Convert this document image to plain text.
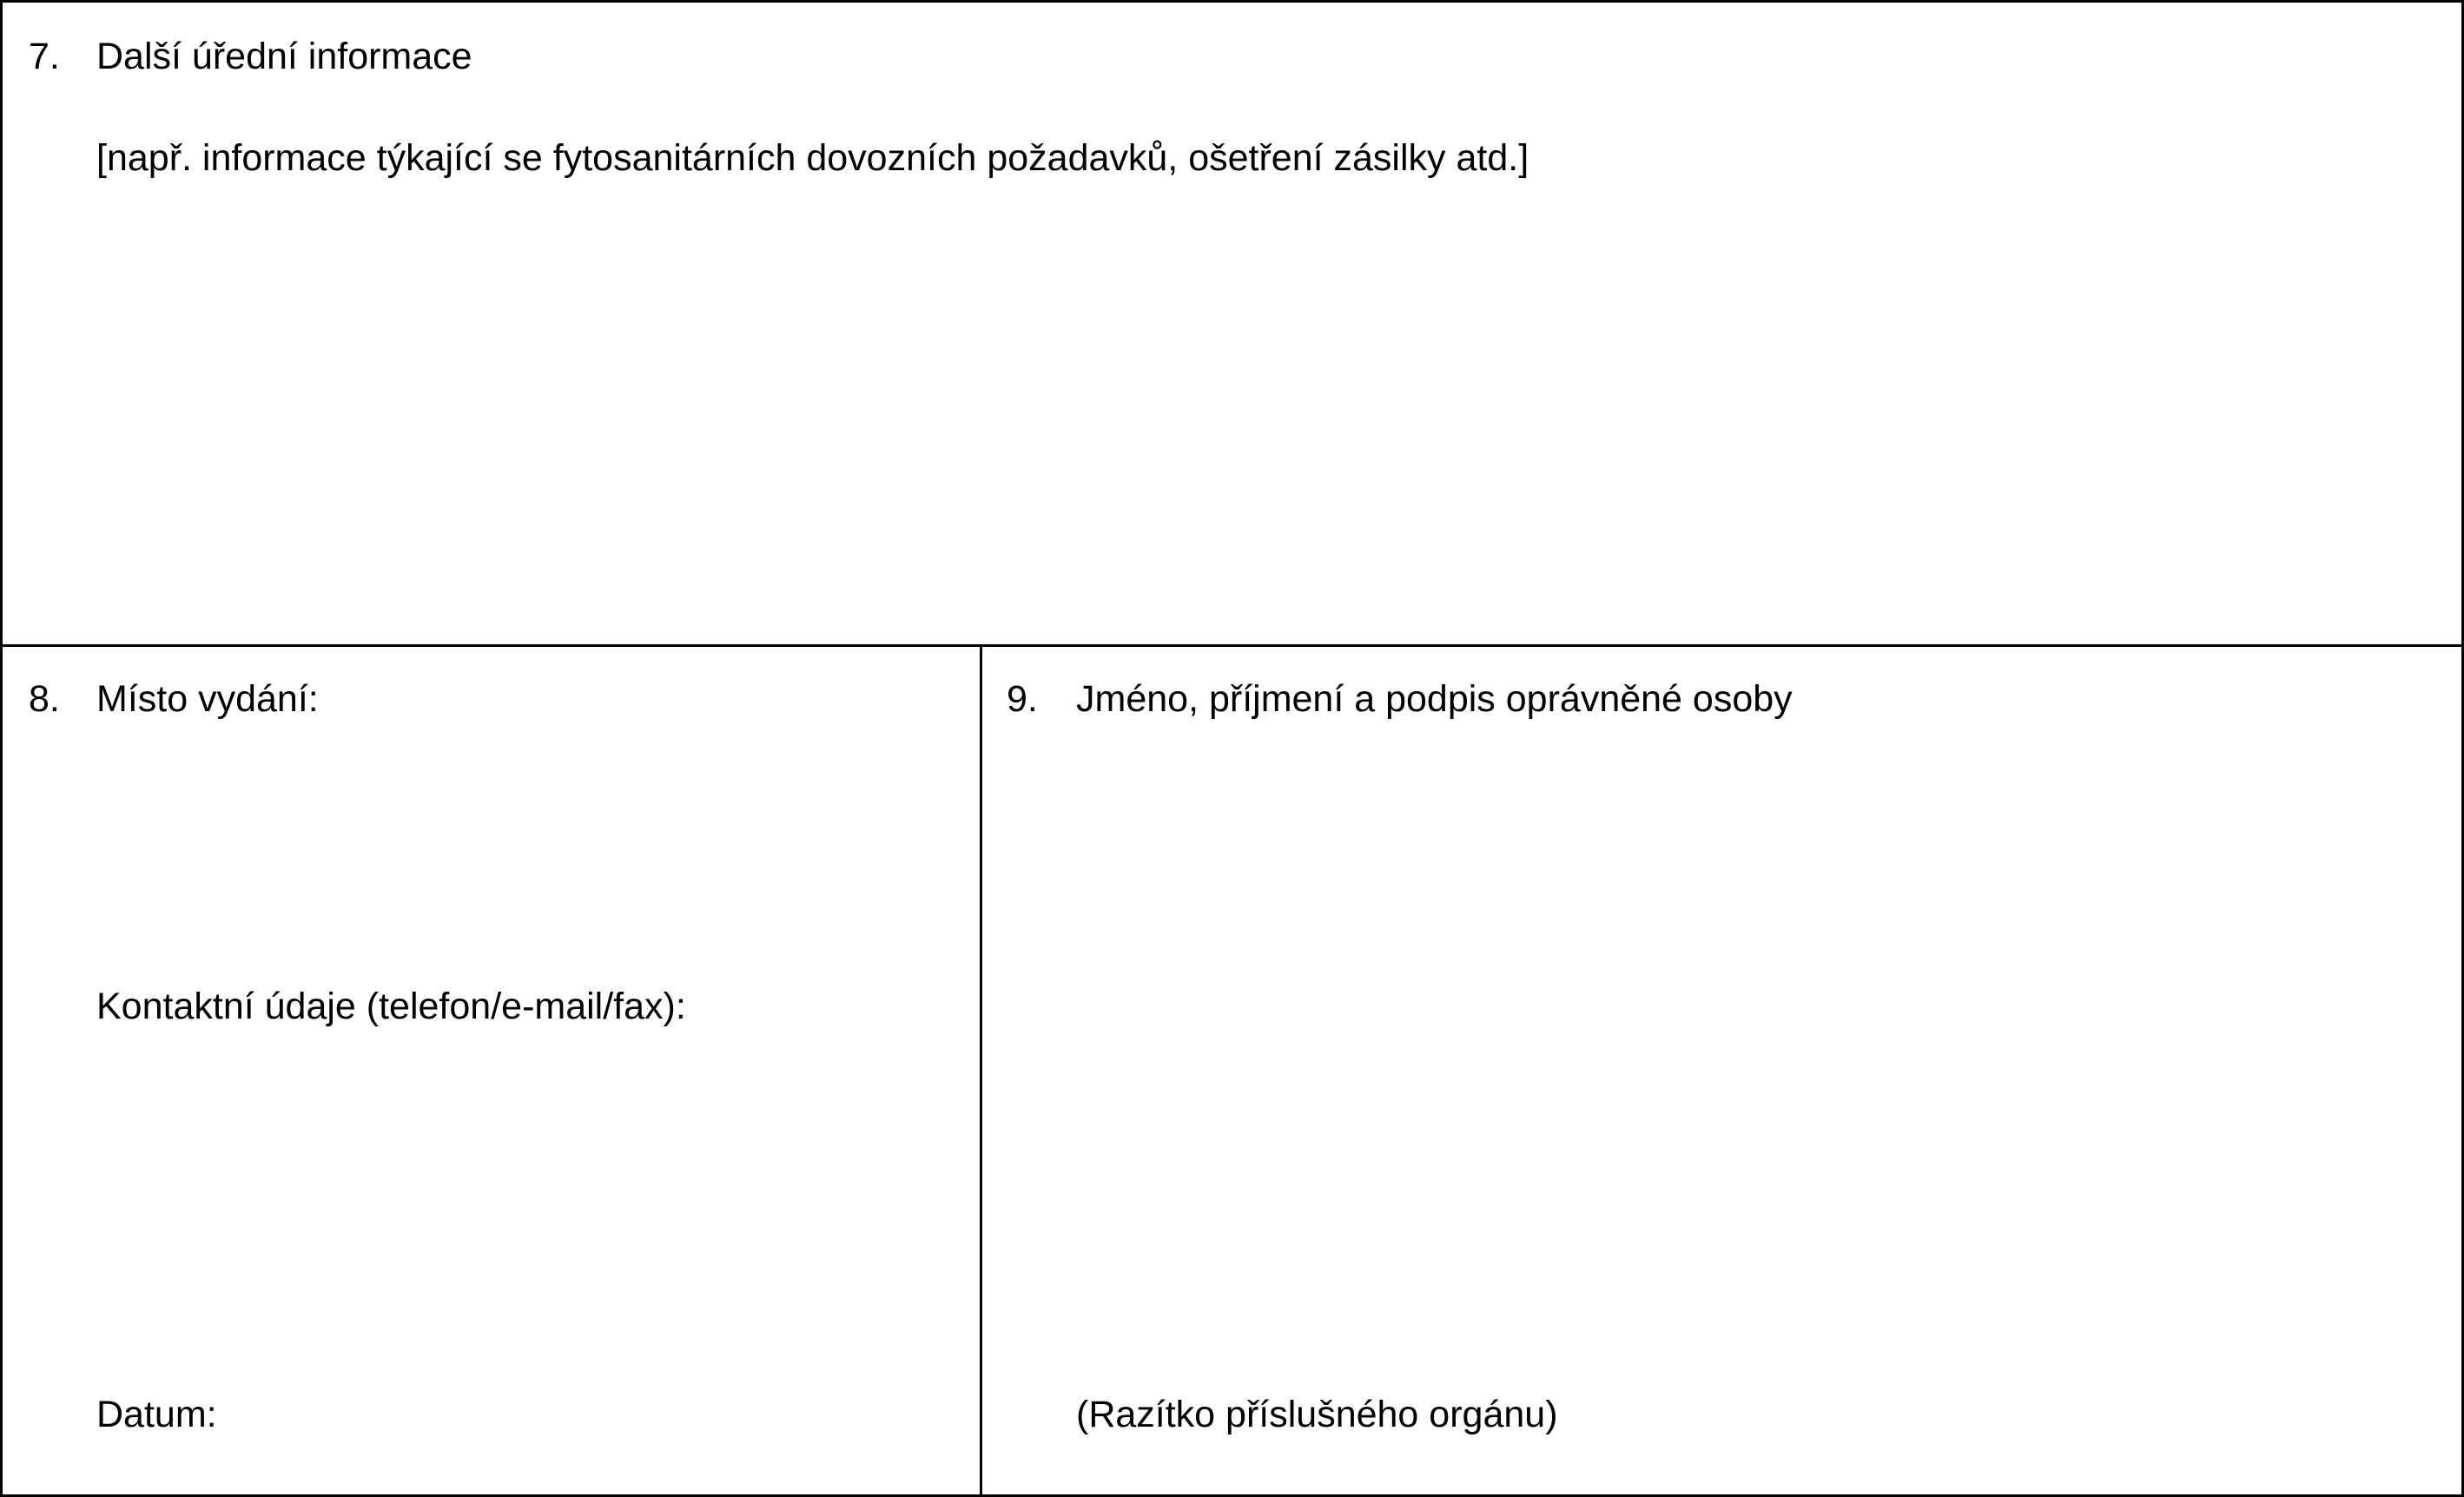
7. Další úřední informace
[např. informace týkající se fytosanitárních dovozních požadavků, ošetření zásilky atd.]
8. Místo vydání:
Kontaktní údaje (telefon/e-mail/fax):
Datum:
9. Jméno, příjmení a podpis oprávněné osoby
(Razítko příslušného orgánu)
